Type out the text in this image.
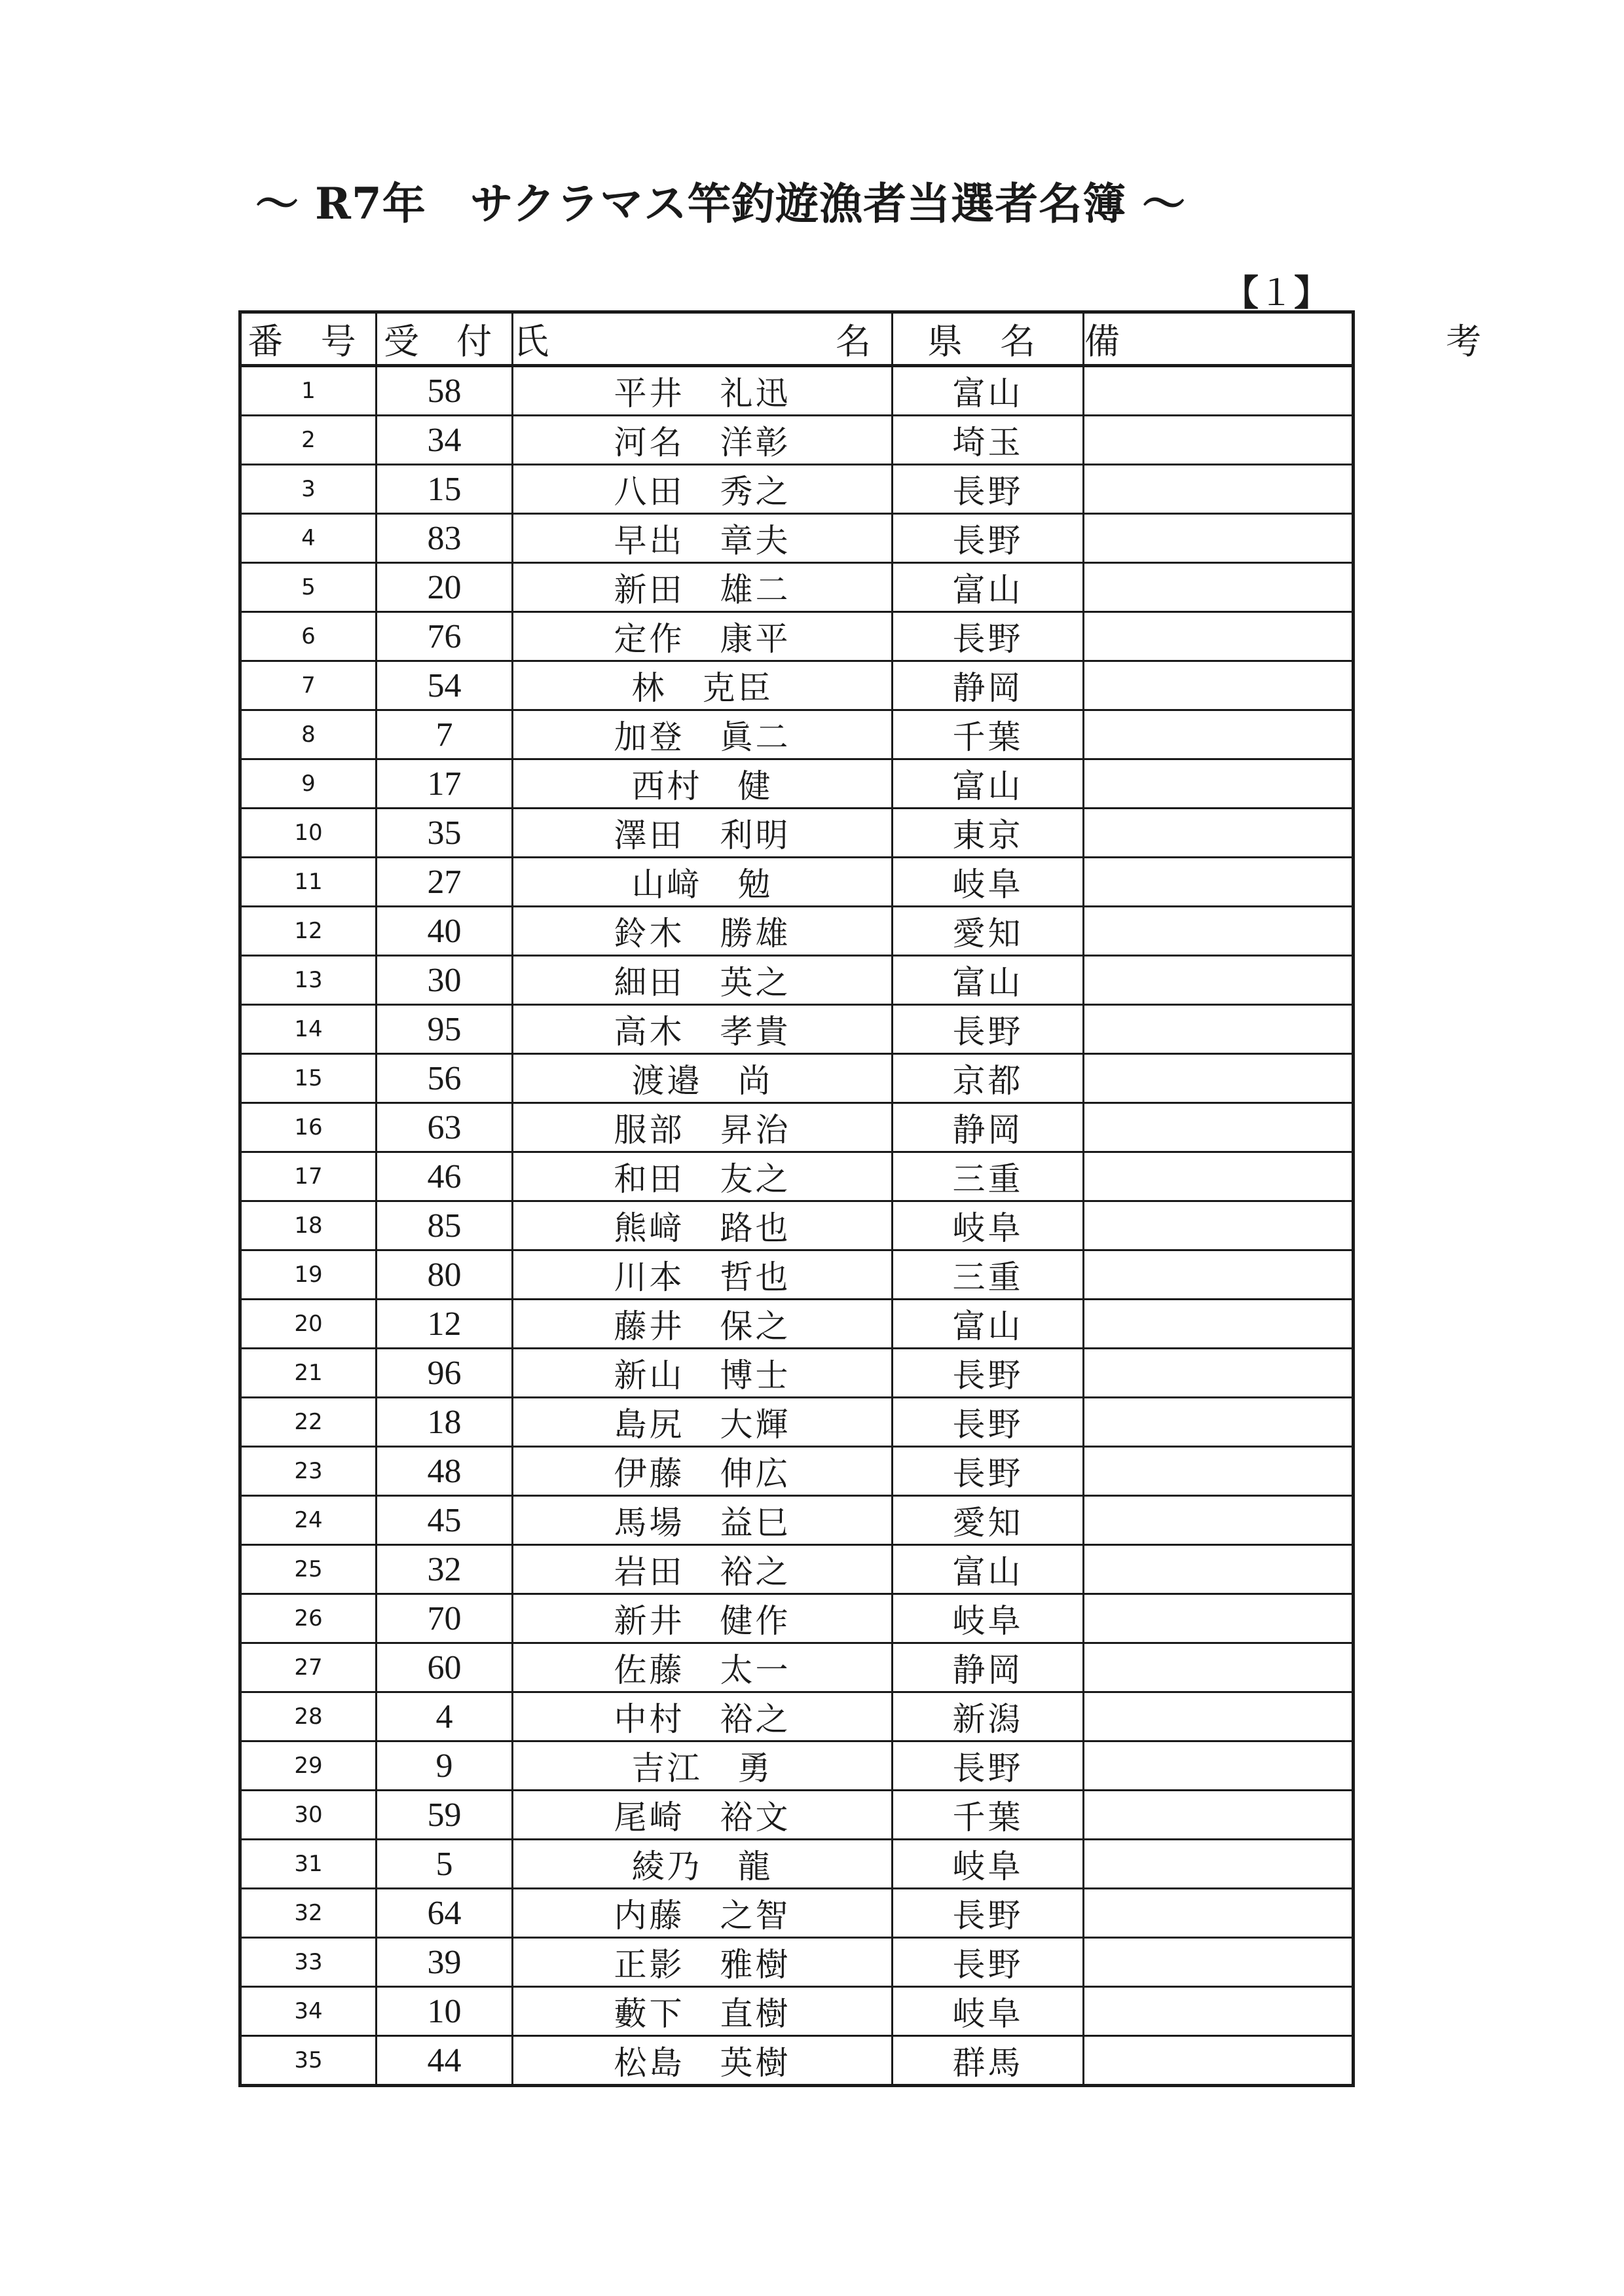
～ R7年　サクラマス竿釣遊漁者当選者名簿 ～
【１】
番 号	受 付	氏　　名	県 名	備　　考
1	58	平井　礼迅	富山	
2	34	河名　洋彰	埼玉	
3	15	八田　秀之	長野	
4	83	早出　章夫	長野	
5	20	新田　雄二	富山	
6	76	定作　康平	長野	
7	54	林　克臣	静岡	
8	7	加登　眞二	千葉	
9	17	西村　健	富山	
10	35	澤田　利明	東京	
11	27	山﨑　勉	岐阜	
12	40	鈴木　勝雄	愛知	
13	30	細田　英之	富山	
14	95	高木　孝貴	長野	
15	56	渡邉　尚	京都	
16	63	服部　昇治	静岡	
17	46	和田　友之	三重	
18	85	熊﨑　路也	岐阜	
19	80	川本　哲也	三重	
20	12	藤井　保之	富山	
21	96	新山　博士	長野	
22	18	島尻　大輝	長野	
23	48	伊藤　伸広	長野	
24	45	馬場　益巳	愛知	
25	32	岩田　裕之	富山	
26	70	新井　健作	岐阜	
27	60	佐藤　太一	静岡	
28	4	中村　裕之	新潟	
29	9	吉江　勇	長野	
30	59	尾崎　裕文	千葉	
31	5	綾乃　龍	岐阜	
32	64	内藤　之智	長野	
33	39	正影　雅樹	長野	
34	10	藪下　直樹	岐阜	
35	44	松島　英樹	群馬	
